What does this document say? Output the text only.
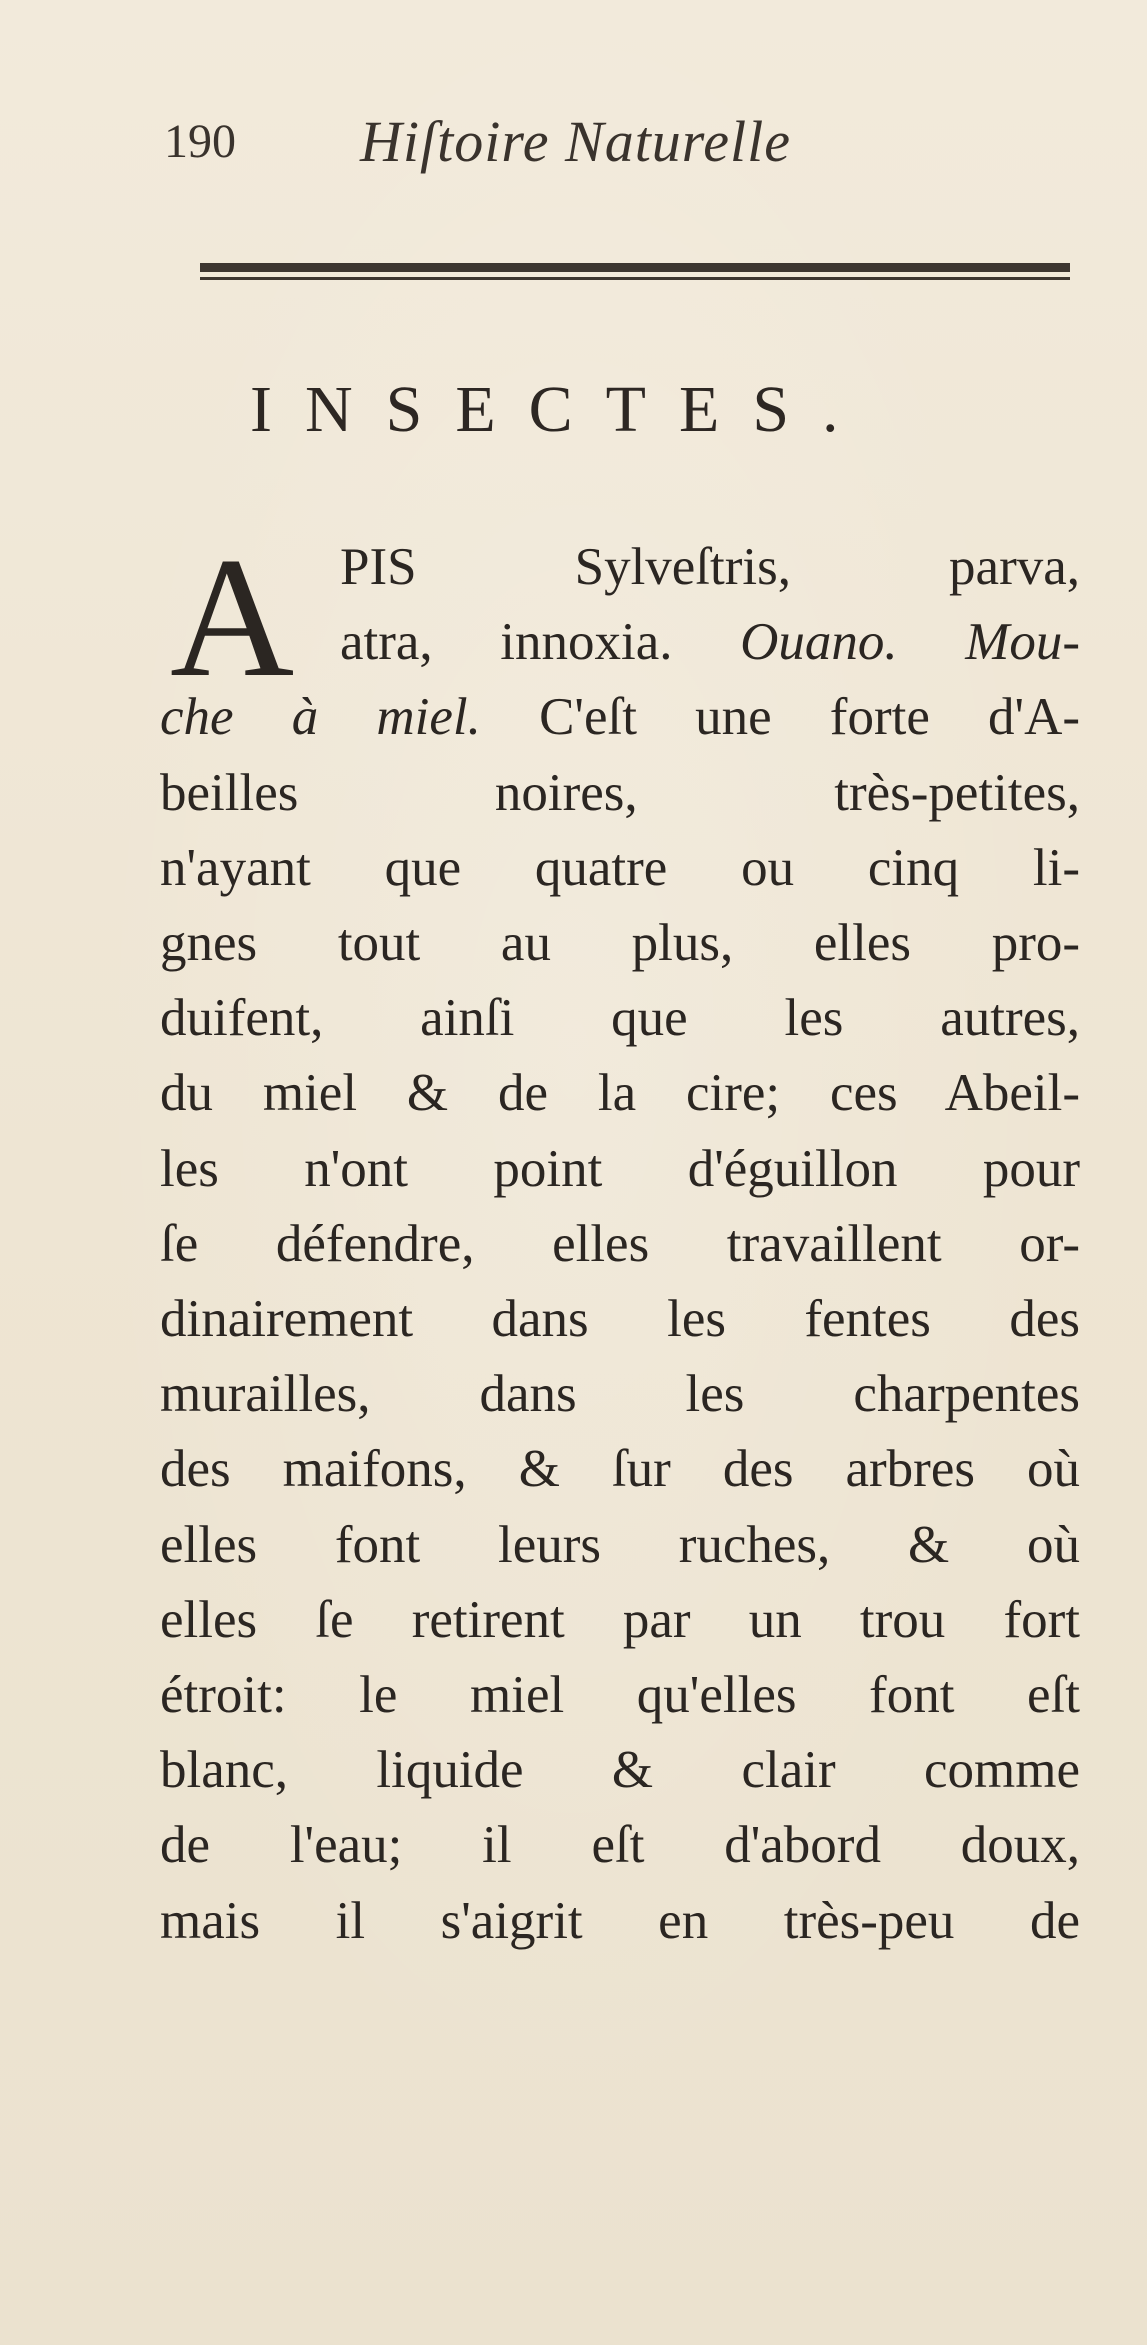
190 Hiſtoire Naturelle
INSECTES.
A PIS Sylveſtris, parva,
atra, innoxia. Ouano. Mou-
che à miel. C'eſt une forte d'A-
beilles noires, très-petites,
n'ayant que quatre ou cinq li-
gnes tout au plus, elles pro-
duifent, ainſi que les autres,
du miel & de la cire; ces Abeil-
les n'ont point d'éguillon pour
ſe défendre, elles travaillent or-
dinairement dans les fentes des
murailles, dans les charpentes
des maifons, & ſur des arbres où
elles font leurs ruches, & où
elles ſe retirent par un trou fort
étroit: le miel qu'elles font eſt
blanc, liquide & clair comme
de l'eau; il eſt d'abord doux,
mais il s'aigrit en très-peu de
